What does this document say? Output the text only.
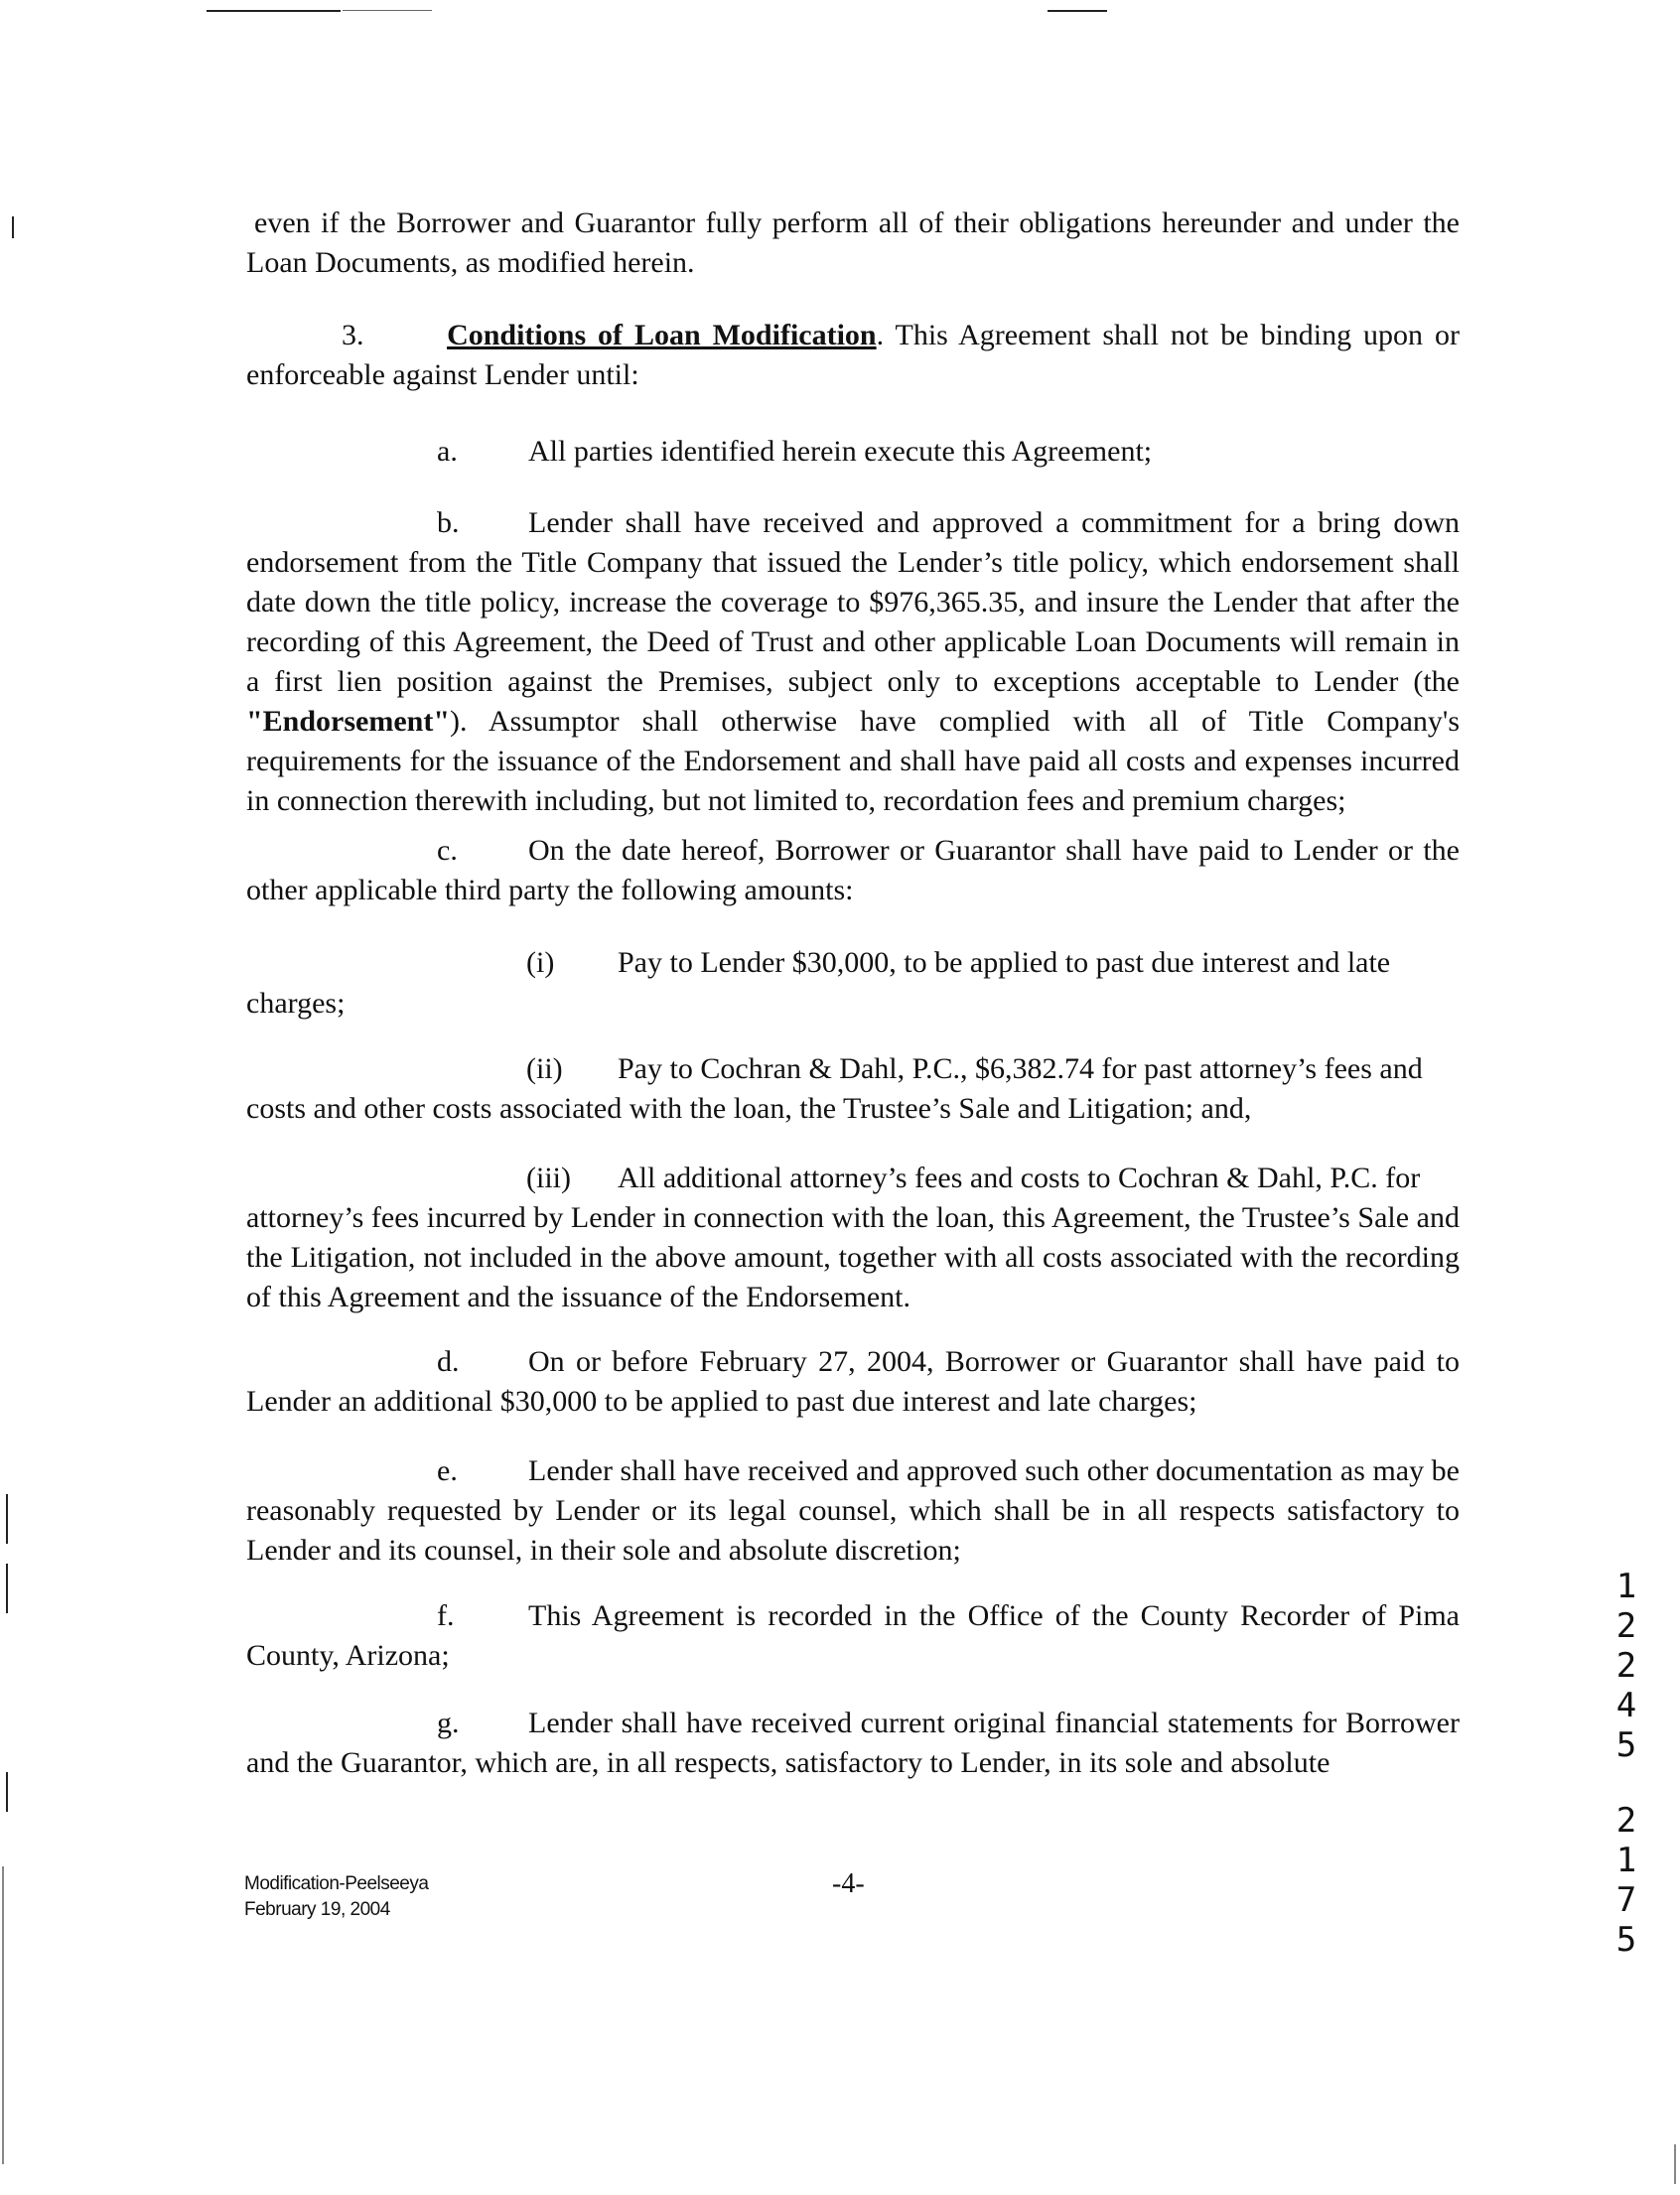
even if the Borrower and Guarantor fully perform all of their obligations hereunder and under the Loan Documents, as modified herein.

3.	Conditions of Loan Modification. This Agreement shall not be binding upon or enforceable against Lender until:

a. All parties identified herein execute this Agreement;

b. Lender shall have received and approved a commitment for a bring down endorsement from the Title Company that issued the Lender’s title policy, which endorsement shall date down the title policy, increase the coverage to $976,365.35, and insure the Lender that after the recording of this Agreement, the Deed of Trust and other applicable Loan Documents will remain in a first lien position against the Premises, subject only to exceptions acceptable to Lender (the "Endorsement"). Assumptor shall otherwise have complied with all of Title Company's requirements for the issuance of the Endorsement and shall have paid all costs and expenses incurred in connection therewith including, but not limited to, recordation fees and premium charges;

c. On the date hereof, Borrower or Guarantor shall have paid to Lender or the other applicable third party the following amounts:

(i) Pay to Lender $30,000, to be applied to past due interest and late
charges;
(ii) Pay to Cochran & Dahl, P.C., $6,382.74 for past attorney’s fees and
costs and other costs associated with the loan, the Trustee’s Sale and Litigation; and,
(iii) All additional attorney’s fees and costs to Cochran & Dahl, P.C. for

attorney’s fees incurred by Lender in connection with the loan, this Agreement, the Trustee’s Sale and the Litigation, not included in the above amount, together with all costs associated with the recording of this Agreement and the issuance of the Endorsement.

d. On or before February 27, 2004, Borrower or Guarantor shall have paid to Lender an additional $30,000 to be applied to past due interest and late charges;

e. Lender shall have received and approved such other documentation as may be reasonably requested by Lender or its legal counsel, which shall be in all respects satisfactory to Lender and its counsel, in their sole and absolute discretion;

f. This Agreement is recorded in the Office of the County Recorder of Pima County, Arizona;

g. Lender shall have received current original financial statements for Borrower and the Guarantor, which are, in all respects, satisfactory to Lender, in its sole and absolute

Modification-Peelseeya
February 19, 2004
-4-
1
2
2
4
5
2
1
7
5
